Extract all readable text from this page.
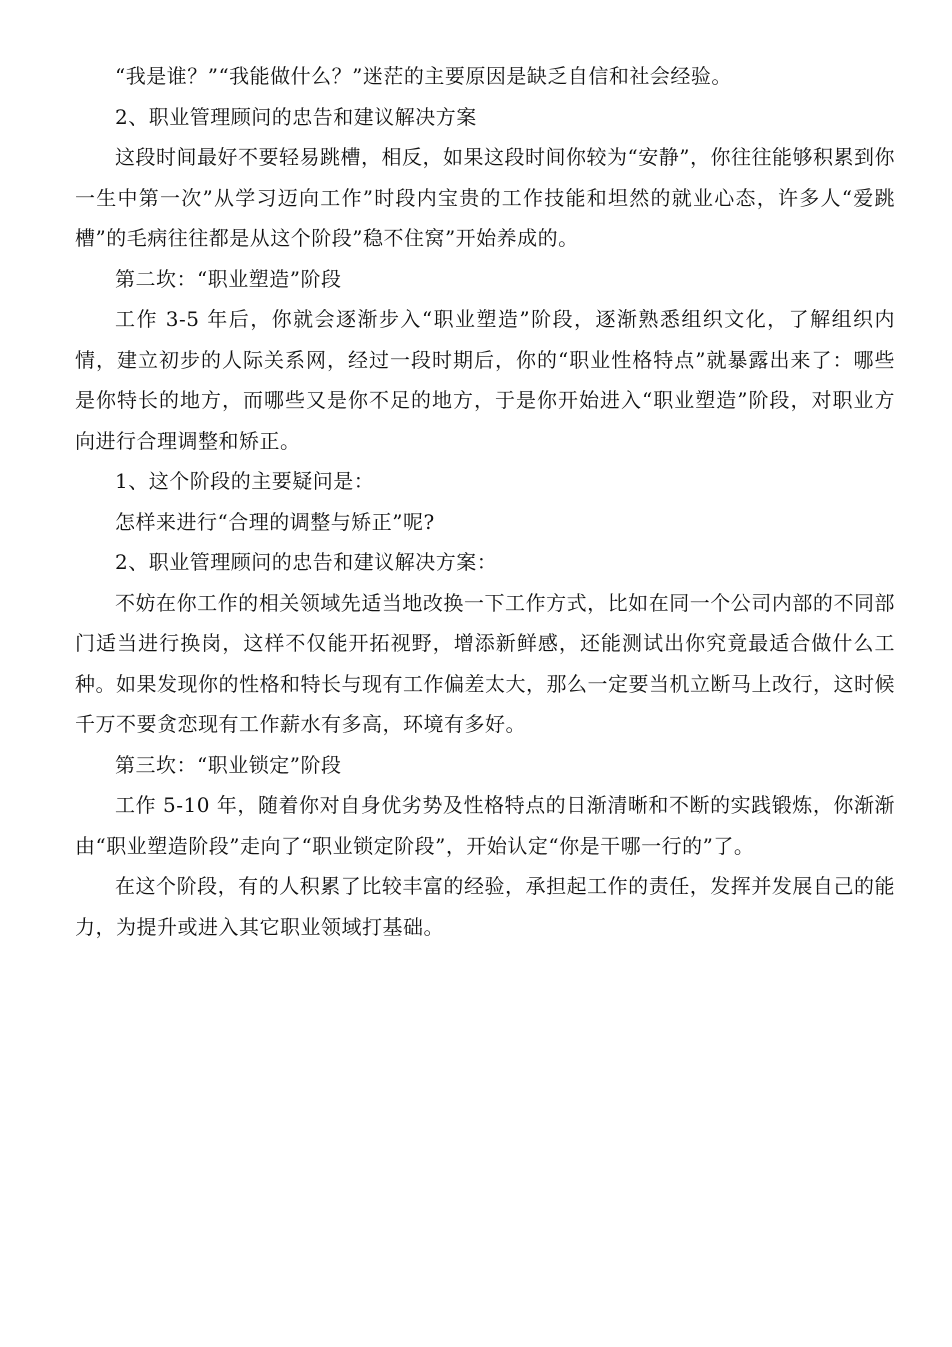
“我是谁？”“我能做什么？”迷茫的主要原因是缺乏自信和社会经验。

2、职业管理顾问的忠告和建议解决方案

这段时间最好不要轻易跳槽，相反，如果这段时间你较为“安静”，你往往能够积累到你一生中第一次”从学习迈向工作”时段内宝贵的工作技能和坦然的就业心态，许多人“爱跳槽”的毛病往往都是从这个阶段”稳不住窝”开始养成的。

第二坎：“职业塑造”阶段

工作 3-5 年后，你就会逐渐步入“职业塑造”阶段，逐渐熟悉组织文化，了解组织内情，建立初步的人际关系网，经过一段时期后，你的“职业性格特点”就暴露出来了：哪些是你特长的地方，而哪些又是你不足的地方，于是你开始进入“职业塑造”阶段，对职业方向进行合理调整和矫正。

1、这个阶段的主要疑问是：

怎样来进行“合理的调整与矫正”呢?

2、职业管理顾问的忠告和建议解决方案：

不妨在你工作的相关领域先适当地改换一下工作方式，比如在同一个公司内部的不同部门适当进行换岗，这样不仅能开拓视野，增添新鲜感，还能测试出你究竟最适合做什么工种。如果发现你的性格和特长与现有工作偏差太大，那么一定要当机立断马上改行，这时候千万不要贪恋现有工作薪水有多高，环境有多好。

第三坎：“职业锁定”阶段

工作 5-10 年，随着你对自身优劣势及性格特点的日渐清晰和不断的实践锻炼，你渐渐由“职业塑造阶段”走向了“职业锁定阶段”，开始认定“你是干哪一行的”了。

在这个阶段，有的人积累了比较丰富的经验，承担起工作的责任，发挥并发展自己的能力，为提升或进入其它职业领域打基础。
